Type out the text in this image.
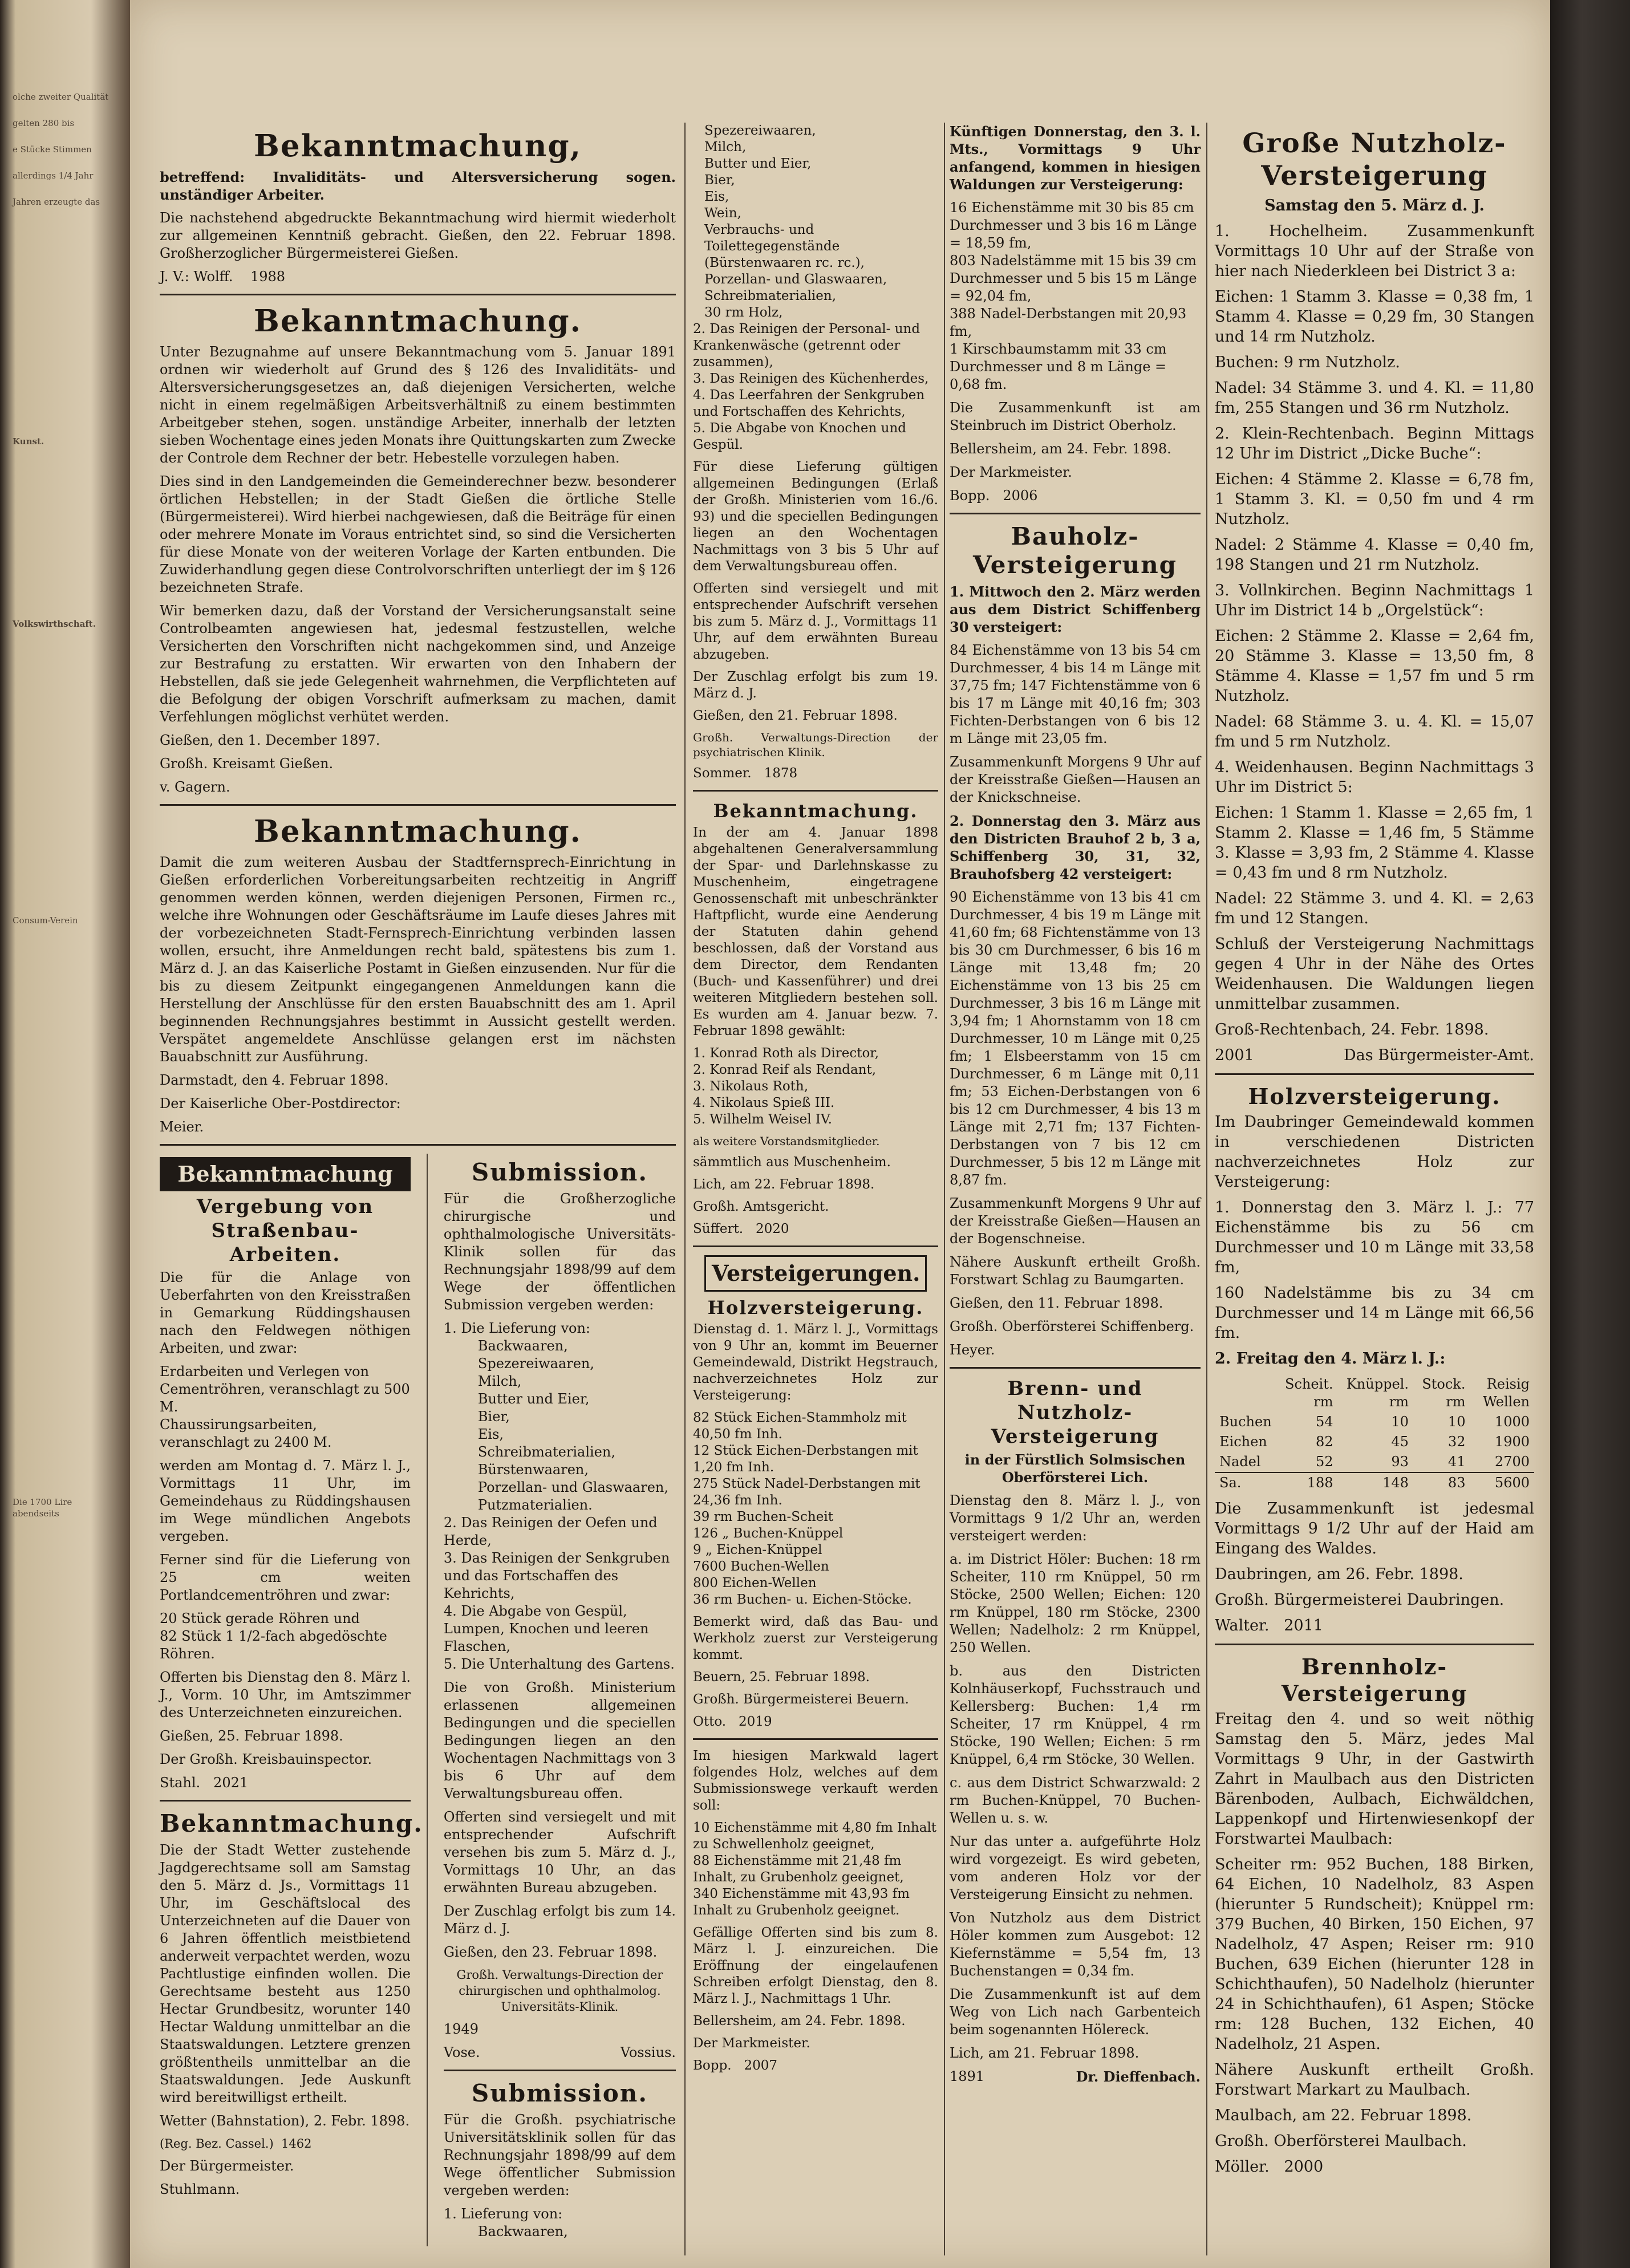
olche zweiter Qualität

gelten 280 bis

e Stücke Stimmen

allerdings 1/4 Jahr

Jahren erzeugte das

Kunst.

Volkswirthschaft.

Consum-Verein

Die 1700 Lire abendseits

Bekanntmachung,

betreffend: Invaliditäts- und Altersversicherung sogen. unständiger Arbeiter.

Die nachstehend abgedruckte Bekanntmachung wird hiermit wiederholt zur allgemeinen Kenntniß gebracht. Gießen, den 22. Februar 1898. Großherzoglicher Bürgermeisterei Gießen.

J. V.: Wolff. 1988

Bekanntmachung.

Unter Bezugnahme auf unsere Bekanntmachung vom 5. Januar 1891 ordnen wir wiederholt auf Grund des § 126 des Invaliditäts- und Altersversicherungsgesetzes an, daß diejenigen Versicherten, welche nicht in einem regelmäßigen Arbeitsverhältniß zu einem bestimmten Arbeitgeber stehen, sogen. unständige Arbeiter, innerhalb der letzten sieben Wochentage eines jeden Monats ihre Quittungskarten zum Zwecke der Controle dem Rechner der betr. Hebestelle vorzulegen haben.

Dies sind in den Landgemeinden die Gemeinderechner bezw. besonderer örtlichen Hebstellen; in der Stadt Gießen die örtliche Stelle (Bürgermeisterei). Wird hierbei nachgewiesen, daß die Beiträge für einen oder mehrere Monate im Voraus entrichtet sind, so sind die Versicherten für diese Monate von der weiteren Vorlage der Karten entbunden. Die Zuwiderhandlung gegen diese Controlvorschriften unterliegt der im § 126 bezeichneten Strafe.

Wir bemerken dazu, daß der Vorstand der Versicherungsanstalt seine Controlbeamten angewiesen hat, jedesmal festzustellen, welche Versicherten den Vorschriften nicht nachgekommen sind, und Anzeige zur Bestrafung zu erstatten. Wir erwarten von den Inhabern der Hebstellen, daß sie jede Gelegenheit wahrnehmen, die Verpflichteten auf die Befolgung der obigen Vorschrift aufmerksam zu machen, damit Verfehlungen möglichst verhütet werden.

Gießen, den 1. December 1897.

Großh. Kreisamt Gießen.

v. Gagern.

Bekanntmachung.

Damit die zum weiteren Ausbau der Stadtfernsprech-Einrichtung in Gießen erforderlichen Vorbereitungsarbeiten rechtzeitig in Angriff genommen werden können, werden diejenigen Personen, Firmen rc., welche ihre Wohnungen oder Geschäftsräume im Laufe dieses Jahres mit der vorbezeichneten Stadt-Fernsprech-Einrichtung verbinden lassen wollen, ersucht, ihre Anmeldungen recht bald, spätestens bis zum 1. März d. J. an das Kaiserliche Postamt in Gießen einzusenden. Nur für die bis zu diesem Zeitpunkt eingegangenen Anmeldungen kann die Herstellung der Anschlüsse für den ersten Bauabschnitt des am 1. April beginnenden Rechnungsjahres bestimmt in Aussicht gestellt werden. Verspätet angemeldete Anschlüsse gelangen erst im nächsten Bauabschnitt zur Ausführung.

Darmstadt, den 4. Februar 1898.

Der Kaiserliche Ober-Postdirector:

Meier.

Bekanntmachung
Vergebung von Straßenbau-Arbeiten.

Die für die Anlage von Ueberfahrten von den Kreisstraßen in Gemarkung Rüddingshausen nach den Feldwegen nöthigen Arbeiten, und zwar:

Erdarbeiten und Verlegen von Cementröhren, veranschlagt zu 500 M.
Chaussirungsarbeiten, veranschlagt zu 2400 M.

werden am Montag d. 7. März l. J., Vormittags 11 Uhr, im Gemeindehaus zu Rüddingshausen im Wege mündlichen Angebots vergeben.

Ferner sind für die Lieferung von 25 cm weiten Portlandcementröhren und zwar:

20 Stück gerade Röhren und
82 Stück 1 1/2-fach abgedöschte Röhren.

Offerten bis Dienstag den 8. März l. J., Vorm. 10 Uhr, im Amtszimmer des Unterzeichneten einzureichen.

Gießen, 25. Februar 1898.

Der Großh. Kreisbauinspector.

Stahl. 2021

Bekanntmachung.

Die der Stadt Wetter zustehende Jagdgerechtsame soll am Samstag den 5. März d. Js., Vormittags 11 Uhr, im Geschäftslocal des Unterzeichneten auf die Dauer von 6 Jahren öffentlich meistbietend anderweit verpachtet werden, wozu Pachtlustige einfinden wollen. Die Gerechtsame besteht aus 1250 Hectar Grundbesitz, worunter 140 Hectar Waldung unmittelbar an die Staatswaldungen. Letztere grenzen größtentheils unmittelbar an die Staatswaldungen. Jede Auskunft wird bereitwilligst ertheilt.

Wetter (Bahnstation), 2. Febr. 1898.

(Reg. Bez. Cassel.) 1462

Der Bürgermeister.

Stuhlmann.

Submission.

Für die Großherzogliche chirurgische und ophthalmologische Universitäts-Klinik sollen für das Rechnungsjahr 1898/99 auf dem Wege der öffentlichen Submission vergeben werden:

1. Die Lieferung von:
Backwaaren,
Spezereiwaaren,
Milch,
Butter und Eier,
Bier,
Eis,
Schreibmaterialien,
Bürstenwaaren,
Porzellan- und Glaswaaren,
Putzmaterialien.
2. Das Reinigen der Oefen und Herde,
3. Das Reinigen der Senkgruben und das Fortschaffen des Kehrichts,
4. Die Abgabe von Gespül, Lumpen, Knochen und leeren Flaschen,
5. Die Unterhaltung des Gartens.

Die von Großh. Ministerium erlassenen allgemeinen Bedingungen und die speciellen Bedingungen liegen an den Wochentagen Nachmittags von 3 bis 6 Uhr auf dem Verwaltungsbureau offen.

Offerten sind versiegelt und mit entsprechender Aufschrift versehen bis zum 5. März d. J., Vormittags 10 Uhr, an das erwähnten Bureau abzugeben.

Der Zuschlag erfolgt bis zum 14. März d. J.

Gießen, den 23. Februar 1898.

Großh. Verwaltungs-Direction der chirurgischen und ophthalmolog. Universitäts-Klinik.

1949

Vose.	Vossius.

Submission.

Für die Großh. psychiatrische Universitätsklinik sollen für das Rechnungsjahr 1898/99 auf dem Wege öffentlicher Submission vergeben werden:

1. Lieferung von:
Backwaaren,
Spezereiwaaren,
Milch,
Butter und Eier,
Bier,
Eis,
Wein,
Verbrauchs- und Toilettegegenstände (Bürstenwaaren rc. rc.),
Porzellan- und Glaswaaren,
Schreibmaterialien,
30 rm Holz,
2. Das Reinigen der Personal- und Krankenwäsche (getrennt oder zusammen),
3. Das Reinigen des Küchenherdes,
4. Das Leerfahren der Senkgruben und Fortschaffen des Kehrichts,
5. Die Abgabe von Knochen und Gespül.

Für diese Lieferung gültigen allgemeinen Bedingungen (Erlaß der Großh. Ministerien vom 16./6. 93) und die speciellen Bedingungen liegen an den Wochentagen Nachmittags von 3 bis 5 Uhr auf dem Verwaltungsbureau offen.

Offerten sind versiegelt und mit entsprechender Aufschrift versehen bis zum 5. März d. J., Vormittags 11 Uhr, auf dem erwähnten Bureau abzugeben.

Der Zuschlag erfolgt bis zum 19. März d. J.

Gießen, den 21. Februar 1898.

Großh. Verwaltungs-Direction der psychiatrischen Klinik.

Sommer. 1878

Bekanntmachung.

In der am 4. Januar 1898 abgehaltenen Generalversammlung der Spar- und Darlehnskasse zu Muschenheim, eingetragene Genossenschaft mit unbeschränkter Haftpflicht, wurde eine Aenderung der Statuten dahin gehend beschlossen, daß der Vorstand aus dem Director, dem Rendanten (Buch- und Kassenführer) und drei weiteren Mitgliedern bestehen soll. Es wurden am 4. Januar bezw. 7. Februar 1898 gewählt:

1. Konrad Roth als Director,
2. Konrad Reif als Rendant,
3. Nikolaus Roth,
4. Nikolaus Spieß III.
5. Wilhelm Weisel IV.

als weitere Vorstandsmitglieder.

sämmtlich aus Muschenheim.

Lich, am 22. Februar 1898.

Großh. Amtsgericht.

Süffert. 2020

Versteigerungen.
Holzversteigerung.

Dienstag d. 1. März l. J., Vormittags von 9 Uhr an, kommt im Beuerner Gemeindewald, Distrikt Hegstrauch, nachverzeichnetes Holz zur Versteigerung:

82 Stück Eichen-Stammholz mit 40,50 fm Inh.
12 Stück Eichen-Derbstangen mit 1,20 fm Inh.
275 Stück Nadel-Derbstangen mit 24,36 fm Inh.
39 rm Buchen-Scheit
126 „ Buchen-Knüppel
9 „ Eichen-Knüppel
7600 Buchen-Wellen
800 Eichen-Wellen
36 rm Buchen- u. Eichen-Stöcke.

Bemerkt wird, daß das Bau- und Werkholz zuerst zur Versteigerung kommt.

Beuern, 25. Februar 1898.

Großh. Bürgermeisterei Beuern.

Otto. 2019

Im hiesigen Markwald lagert folgendes Holz, welches auf dem Submissionswege verkauft werden soll:

10 Eichenstämme mit 4,80 fm Inhalt zu Schwellenholz geeignet,
88 Eichenstämme mit 21,48 fm Inhalt, zu Grubenholz geeignet,
340 Eichenstämme mit 43,93 fm Inhalt zu Grubenholz geeignet.

Gefällige Offerten sind bis zum 8. März l. J. einzureichen. Die Eröffnung der eingelaufenen Schreiben erfolgt Dienstag, den 8. März l. J., Nachmittags 1 Uhr.

Bellersheim, am 24. Febr. 1898.

Der Markmeister.

Bopp. 2007

Künftigen Donnerstag, den 3. l. Mts., Vormittags 9 Uhr anfangend, kommen in hiesigen Waldungen zur Versteigerung:

16 Eichenstämme mit 30 bis 85 cm Durchmesser und 3 bis 16 m Länge = 18,59 fm,
803 Nadelstämme mit 15 bis 39 cm Durchmesser und 5 bis 15 m Länge = 92,04 fm,
388 Nadel-Derbstangen mit 20,93 fm,
1 Kirschbaumstamm mit 33 cm Durchmesser und 8 m Länge = 0,68 fm.

Die Zusammenkunft ist am Steinbruch im District Oberholz.

Bellersheim, am 24. Febr. 1898.

Der Markmeister.

Bopp. 2006

Bauholz-Versteigerung

1. Mittwoch den 2. März werden aus dem District Schiffenberg 30 versteigert:

84 Eichenstämme von 13 bis 54 cm Durchmesser, 4 bis 14 m Länge mit 37,75 fm; 147 Fichtenstämme von 6 bis 17 m Länge mit 40,16 fm; 303 Fichten-Derbstangen von 6 bis 12 m Länge mit 23,05 fm.

Zusammenkunft Morgens 9 Uhr auf der Kreisstraße Gießen—Hausen an der Knickschneise.

2. Donnerstag den 3. März aus den Districten Brauhof 2 b, 3 a, Schiffenberg 30, 31, 32, Brauhofsberg 42 versteigert:

90 Eichenstämme von 13 bis 41 cm Durchmesser, 4 bis 19 m Länge mit 41,60 fm; 68 Fichtenstämme von 13 bis 30 cm Durchmesser, 6 bis 16 m Länge mit 13,48 fm; 20 Eichenstämme von 13 bis 25 cm Durchmesser, 3 bis 16 m Länge mit 3,94 fm; 1 Ahornstamm von 18 cm Durchmesser, 10 m Länge mit 0,25 fm; 1 Elsbeerstamm von 15 cm Durchmesser, 6 m Länge mit 0,11 fm; 53 Eichen-Derbstangen von 6 bis 12 cm Durchmesser, 4 bis 13 m Länge mit 2,71 fm; 137 Fichten-Derbstangen von 7 bis 12 cm Durchmesser, 5 bis 12 m Länge mit 8,87 fm.

Zusammenkunft Morgens 9 Uhr auf der Kreisstraße Gießen—Hausen an der Bogenschneise.

Nähere Auskunft ertheilt Großh. Forstwart Schlag zu Baumgarten.

Gießen, den 11. Februar 1898.

Großh. Oberförsterei Schiffenberg.

Heyer.

Brenn- und Nutzholz-Versteigerung

in der Fürstlich Solmsischen Oberförsterei Lich.

Dienstag den 8. März l. J., von Vormittags 9 1/2 Uhr an, werden versteigert werden:

a. im District Höler: Buchen: 18 rm Scheiter, 110 rm Knüppel, 50 rm Stöcke, 2500 Wellen; Eichen: 120 rm Knüppel, 180 rm Stöcke, 2300 Wellen; Nadelholz: 2 rm Knüppel, 250 Wellen.

b. aus den Districten Kolnhäuserkopf, Fuchsstrauch und Kellersberg: Buchen: 1,4 rm Scheiter, 17 rm Knüppel, 4 rm Stöcke, 190 Wellen; Eichen: 5 rm Knüppel, 6,4 rm Stöcke, 30 Wellen.

c. aus dem District Schwarzwald: 2 rm Buchen-Knüppel, 70 Buchen-Wellen u. s. w.

Nur das unter a. aufgeführte Holz wird vorgezeigt. Es wird gebeten, vom anderen Holz vor der Versteigerung Einsicht zu nehmen.

Von Nutzholz aus dem District Höler kommen zum Ausgebot: 12 Kiefernstämme = 5,54 fm, 13 Buchenstangen = 0,34 fm.

Die Zusammenkunft ist auf dem Weg von Lich nach Garbenteich beim sogenannten Hölereck.

Lich, am 21. Februar 1898.

1891	Dr. Dieffenbach.

Große Nutzholz-Versteigerung

Samstag den 5. März d. J.

1. Hochelheim. Zusammenkunft Vormittags 10 Uhr auf der Straße von hier nach Niederkleen bei District 3 a:

Eichen: 1 Stamm 3. Klasse = 0,38 fm, 1 Stamm 4. Klasse = 0,29 fm, 30 Stangen und 14 rm Nutzholz.

Buchen: 9 rm Nutzholz.

Nadel: 34 Stämme 3. und 4. Kl. = 11,80 fm, 255 Stangen und 36 rm Nutzholz.

2. Klein-Rechtenbach. Beginn Mittags 12 Uhr im District „Dicke Buche“:

Eichen: 4 Stämme 2. Klasse = 6,78 fm, 1 Stamm 3. Kl. = 0,50 fm und 4 rm Nutzholz.

Nadel: 2 Stämme 4. Klasse = 0,40 fm, 198 Stangen und 21 rm Nutzholz.

3. Vollnkirchen. Beginn Nachmittags 1 Uhr im District 14 b „Orgelstück“:

Eichen: 2 Stämme 2. Klasse = 2,64 fm, 20 Stämme 3. Klasse = 13,50 fm, 8 Stämme 4. Klasse = 1,57 fm und 5 rm Nutzholz.

Nadel: 68 Stämme 3. u. 4. Kl. = 15,07 fm und 5 rm Nutzholz.

4. Weidenhausen. Beginn Nachmittags 3 Uhr im District 5:

Eichen: 1 Stamm 1. Klasse = 2,65 fm, 1 Stamm 2. Klasse = 1,46 fm, 5 Stämme 3. Klasse = 3,93 fm, 2 Stämme 4. Klasse = 0,43 fm und 8 rm Nutzholz.

Nadel: 22 Stämme 3. und 4. Kl. = 2,63 fm und 12 Stangen.

Schluß der Versteigerung Nachmittags gegen 4 Uhr in der Nähe des Ortes Weidenhausen. Die Waldungen liegen unmittelbar zusammen.

Groß-Rechtenbach, 24. Febr. 1898.

2001	Das Bürgermeister-Amt.

Holzversteigerung.

Im Daubringer Gemeindewald kommen in verschiedenen Districten nachverzeichnetes Holz zur Versteigerung:

1. Donnerstag den 3. März l. J.: 77 Eichenstämme bis zu 56 cm Durchmesser und 10 m Länge mit 33,58 fm,

160 Nadelstämme bis zu 34 cm Durchmesser und 14 m Länge mit 66,56 fm.

2. Freitag den 4. März l. J.:

	Scheit. rm	Knüppel. rm	Stock. rm	Reisig Wellen
Buchen	54	10	10	1000
Eichen	82	45	32	1900
Nadel	52	93	41	2700
Sa.	188	148	83	5600

Die Zusammenkunft ist jedesmal Vormittags 9 1/2 Uhr auf der Haid am Eingang des Waldes.

Daubringen, am 26. Febr. 1898.

Großh. Bürgermeisterei Daubringen.

Walter. 2011

Brennholz-Versteigerung

Freitag den 4. und so weit nöthig Samstag den 5. März, jedes Mal Vormittags 9 Uhr, in der Gastwirth Zahrt in Maulbach aus den Districten Bärenboden, Aulbach, Eichwäldchen, Lappenkopf und Hirtenwiesenkopf der Forstwartei Maulbach:

Scheiter rm: 952 Buchen, 188 Birken, 64 Eichen, 10 Nadelholz, 83 Aspen (hierunter 5 Rundscheit); Knüppel rm: 379 Buchen, 40 Birken, 150 Eichen, 97 Nadelholz, 47 Aspen; Reiser rm: 910 Buchen, 639 Eichen (hierunter 128 in Schichthaufen), 50 Nadelholz (hierunter 24 in Schichthaufen), 61 Aspen; Stöcke rm: 128 Buchen, 132 Eichen, 40 Nadelholz, 21 Aspen.

Nähere Auskunft ertheilt Großh. Forstwart Markart zu Maulbach.

Maulbach, am 22. Februar 1898.

Großh. Oberförsterei Maulbach.

Möller. 2000
